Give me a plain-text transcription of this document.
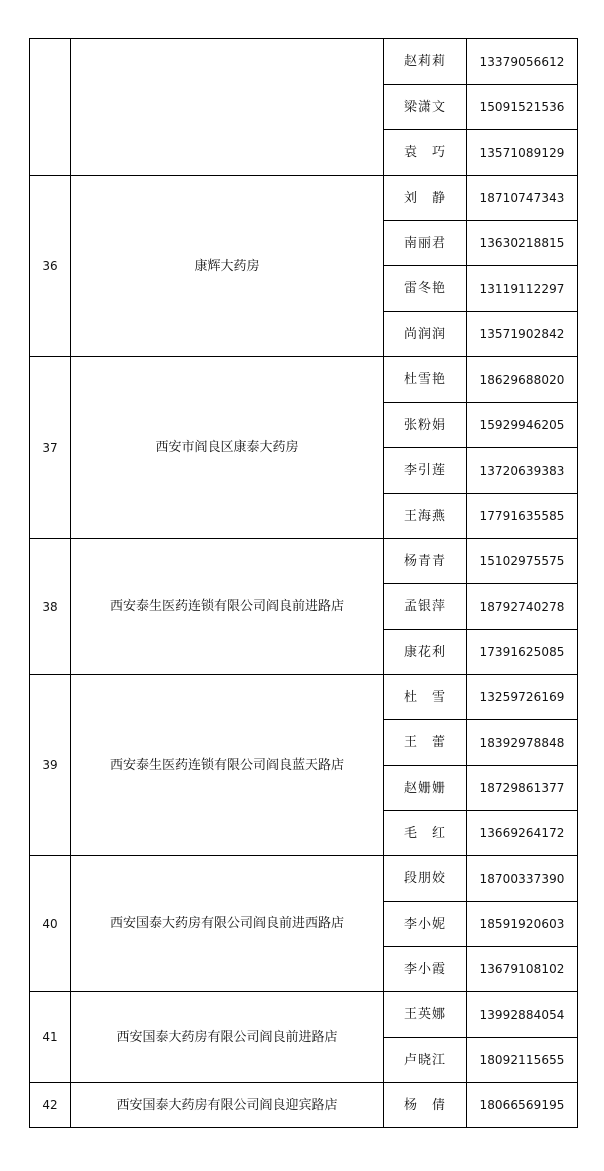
		赵莉莉	13379056612
		梁潇文	15091521536
		袁　巧	13571089129
36	康辉大药房	刘　静	18710747343
		南丽君	13630218815
		雷冬艳	13119112297
		尚润润	13571902842
37	西安市阎良区康泰大药房	杜雪艳	18629688020
		张粉娟	15929946205
		李引莲	13720639383
		王海燕	17791635585
38	西安泰生医药连锁有限公司阎良前进路店	杨青青	15102975575
		孟银萍	18792740278
		康花利	17391625085
39	西安泰生医药连锁有限公司阎良蓝天路店	杜　雪	13259726169
		王　蕾	18392978848
		赵姗姗	18729861377
		毛　红	13669264172
40	西安国泰大药房有限公司阎良前进西路店	段朋姣	18700337390
		李小妮	18591920603
		李小霞	13679108102
41	西安国泰大药房有限公司阎良前进路店	王英娜	13992884054
		卢晓江	18092115655
42	西安国泰大药房有限公司阎良迎宾路店	杨　倩	18066569195
